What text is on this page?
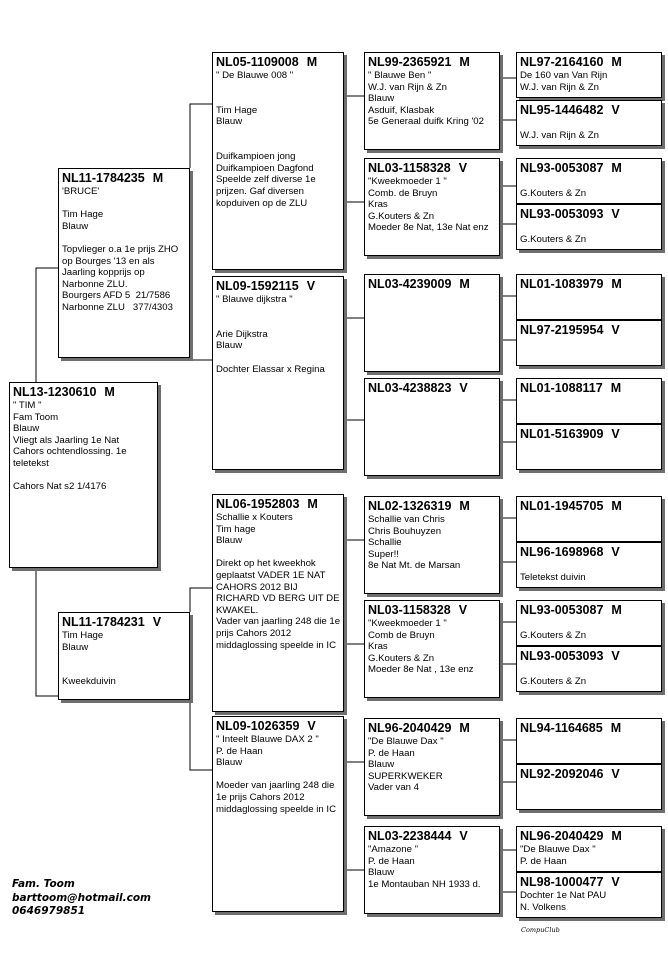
NL13-1230610 M
" TIM "
Fam Toom
Blauw
Vliegt als Jaarling 1e Nat
Cahors ochtendlossing. 1e
teletekst
Cahors Nat s2 1/4176
NL11-1784235 M
'BRUCE'
Tim Hage
Blauw
Topvlieger o.a 1e prijs ZHO
op Bourges '13 en als
Jaarling kopprijs op
Narbonne ZLU.
Bourgers AFD 5  21/7586
Narbonne ZLU   377/4303
NL11-1784231 V
Tim Hage
Blauw
Kweekduivin
NL05-1109008 M
" De Blauwe 008 "
Tim Hage
Blauw
Duifkampioen jong
Duifkampioen Dagfond
Speelde zelf diverse 1e
prijzen. Gaf diversen
kopduiven op de ZLU
NL09-1592115 V
" Blauwe dijkstra "
Arie Dijkstra
Blauw
Dochter Elassar x Regina
NL06-1952803 M
Schallie x Kouters
Tim hage
Blauw
Direkt op het kweekhok
geplaatst VADER 1E NAT
CAHORS 2012 BIJ
RICHARD VD BERG UIT DE
KWAKEL.
Vader van jaarling 248 die 1e
prijs Cahors 2012
middaglossing speelde in IC
NL09-1026359 V
" Inteelt Blauwe DAX 2 "
P. de Haan
Blauw
Moeder van jaarling 248 die
1e prijs Cahors 2012
middaglossing speelde in IC
NL99-2365921 M
" Blauwe Ben "
W.J. van Rijn & Zn
Blauw
Asduif, Klasbak
5e Generaal duifk Kring '02
NL03-1158328 V
"Kweekmoeder 1 "
Comb. de Bruyn
Kras
G.Kouters & Zn
Moeder 8e Nat, 13e Nat enz
NL03-4239009 M
NL03-4238823 V
NL02-1326319 M
Schallie van Chris
Chris Bouhuyzen
Schallie
Super!!
8e Nat Mt. de Marsan
NL03-1158328 V
"Kweekmoeder 1 "
Comb de Bruyn
Kras
G.Kouters & Zn
Moeder 8e Nat , 13e enz
NL96-2040429 M
"De Blauwe Dax "
P. de Haan
Blauw
SUPERKWEKER
Vader van 4
NL03-2238444 V
"Amazone "
P. de Haan
Blauw
1e Montauban NH 1933 d.
NL97-2164160 M
De 160 van Van Rijn
W.J. van Rijn & Zn
NL95-1446482 V
W.J. van Rijn & Zn
NL93-0053087 M
G.Kouters & Zn
NL93-0053093 V
G.Kouters & Zn
NL01-1083979 M
NL97-2195954 V
NL01-1088117 M
NL01-5163909 V
NL01-1945705 M
NL96-1698968 V
Teletekst duivin
NL93-0053087 M
G.Kouters & Zn
NL93-0053093 V
G.Kouters & Zn
NL94-1164685 M
NL92-2092046 V
NL96-2040429 M
"De Blauwe Dax "
P. de Haan
NL98-1000477 V
Dochter 1e Nat PAU
N. Volkens
Fam. Toom
barttoom@hotmail.com
0646979851
CompuClub
